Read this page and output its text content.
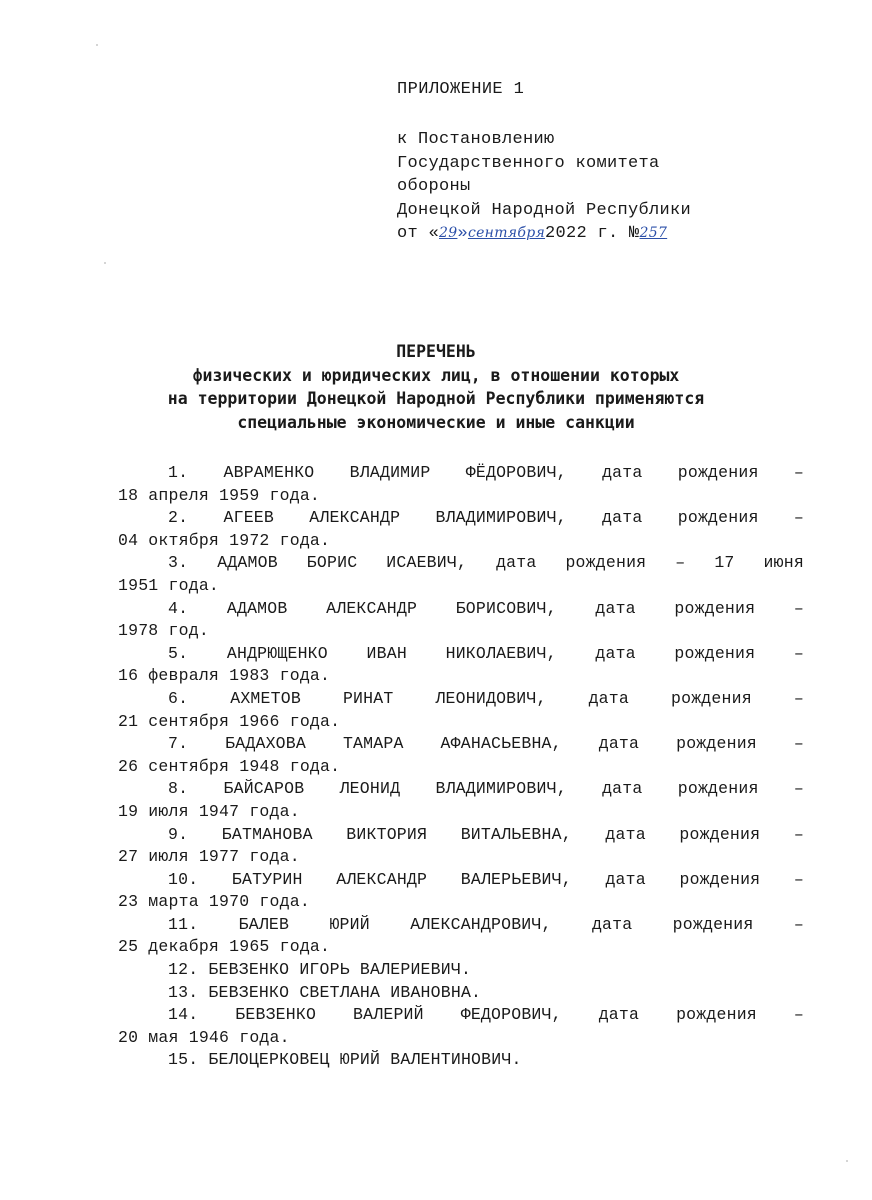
ПРИЛОЖЕНИЕ 1
к Постановлению
Государственного комитета
обороны
Донецкой Народной Республики
от «29»сентября2022 г. №257
ПЕРЕЧЕНЬ
физических и юридических лиц, в отношении которых
на территории Донецкой Народной Республики применяются
специальные экономические и иные санкции
1. АВРАМЕНКО ВЛАДИМИР ФЁДОРОВИЧ, дата рождения –
18 апреля 1959 года.
2. АГЕЕВ АЛЕКСАНДР ВЛАДИМИРОВИЧ, дата рождения –
04 октября 1972 года.
3. АДАМОВ БОРИС ИСАЕВИЧ, дата рождения – 17 июня
1951 года.
4. АДАМОВ АЛЕКСАНДР БОРИСОВИЧ, дата рождения –
1978 год.
5. АНДРЮЩЕНКО ИВАН НИКОЛАЕВИЧ, дата рождения –
16 февраля 1983 года.
6.	АХМЕТОВ	РИНАТ	ЛЕОНИДОВИЧ,	дата	рождения	–
21 сентября 1966 года.
7. БАДАХОВА ТАМАРА АФАНАСЬЕВНА, дата рождения –
26 сентября 1948 года.
8. БАЙСАРОВ ЛЕОНИД ВЛАДИМИРОВИЧ, дата рождения –
19 июля 1947 года.
9. БАТМАНОВА ВИКТОРИЯ ВИТАЛЬЕВНА, дата рождения –
27 июля 1977 года.
10. БАТУРИН АЛЕКСАНДР ВАЛЕРЬЕВИЧ, дата рождения –
23 марта 1970 года.
11. БАЛЕВ ЮРИЙ АЛЕКСАНДРОВИЧ, дата рождения –
25 декабря 1965 года.
12. БЕВЗЕНКО ИГОРЬ ВАЛЕРИЕВИЧ.
13. БЕВЗЕНКО СВЕТЛАНА ИВАНОВНА.
14. БЕВЗЕНКО ВАЛЕРИЙ ФЕДОРОВИЧ, дата рождения –
20 мая 1946 года.
15. БЕЛОЦЕРКОВЕЦ ЮРИЙ ВАЛЕНТИНОВИЧ.
